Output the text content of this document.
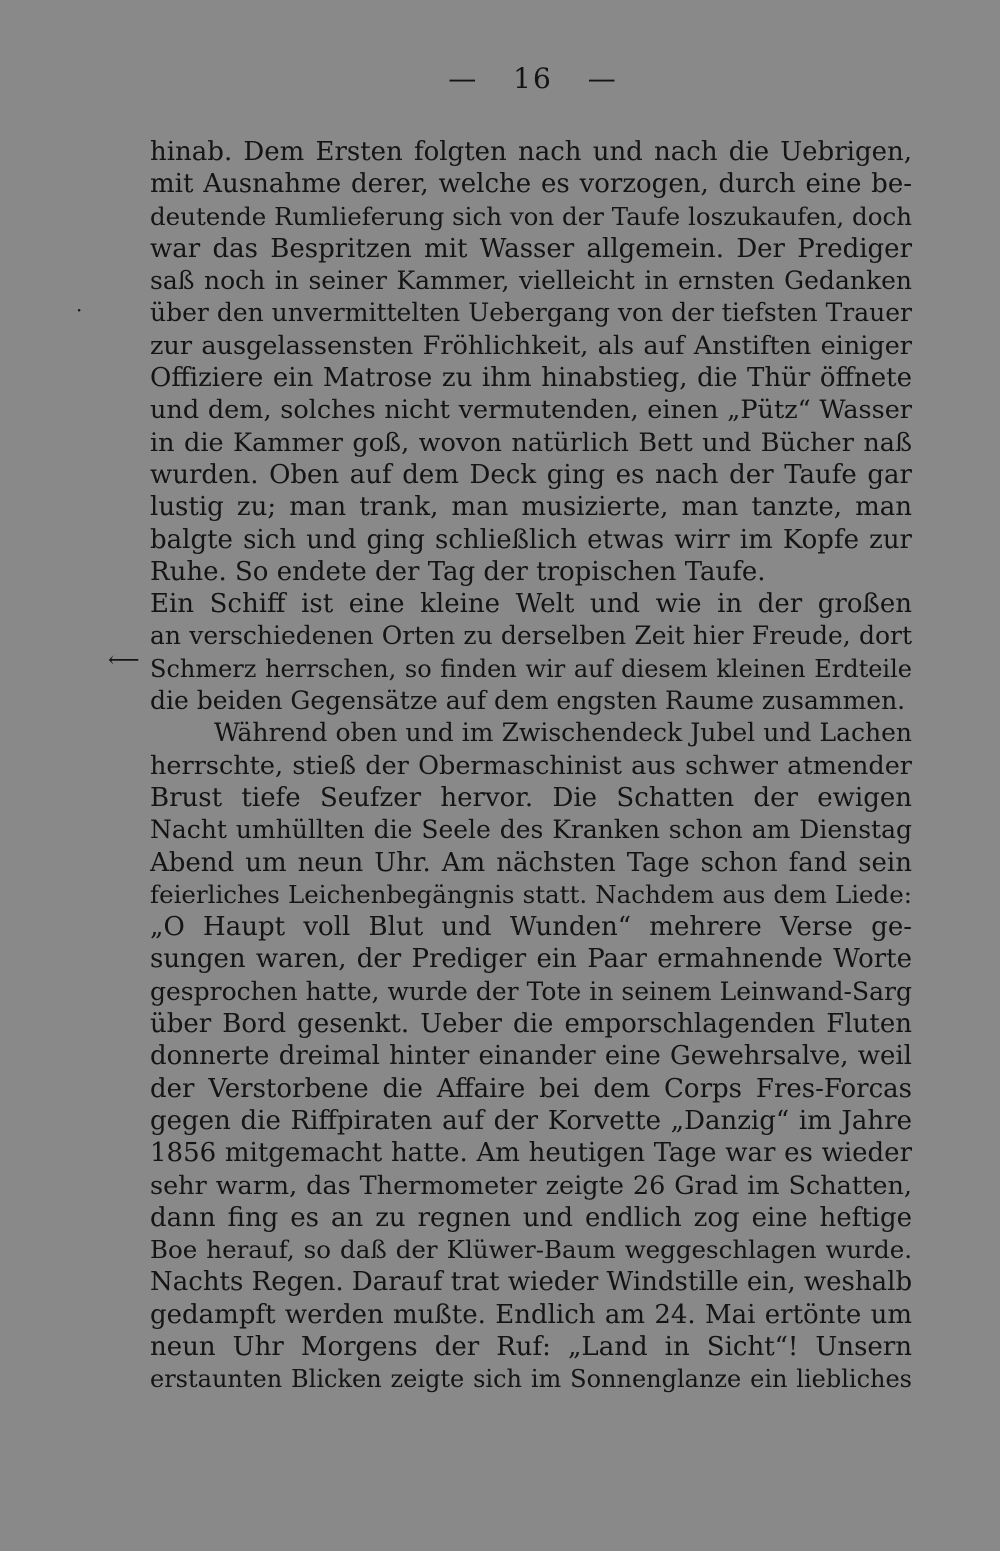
— 16 —
·
⟵
hinab. Dem Ersten folgten nach und nach die Uebrigen,
mit Ausnahme derer, welche es vorzogen, durch eine be-
deutende Rumlieferung sich von der Taufe loszukaufen, doch
war das Bespritzen mit Wasser allgemein. Der Prediger
saß noch in seiner Kammer, vielleicht in ernsten Gedanken
über den unvermittelten Uebergang von der tiefsten Trauer
zur ausgelassensten Fröhlichkeit, als auf Anstiften einiger
Offiziere ein Matrose zu ihm hinabstieg, die Thür öffnete
und dem, solches nicht vermutenden, einen „Pütz“ Wasser
in die Kammer goß, wovon natürlich Bett und Bücher naß
wurden. Oben auf dem Deck ging es nach der Taufe gar
lustig zu; man trank, man musizierte, man tanzte, man
balgte sich und ging schließlich etwas wirr im Kopfe zur
Ruhe. So endete der Tag der tropischen Taufe.
Ein Schiff ist eine kleine Welt und wie in der großen
an verschiedenen Orten zu derselben Zeit hier Freude, dort
Schmerz herrschen, so finden wir auf diesem kleinen Erdteile
die beiden Gegensätze auf dem engsten Raume zusammen.
Während oben und im Zwischendeck Jubel und Lachen
herrschte, stieß der Obermaschinist aus schwer atmender
Brust tiefe Seufzer hervor. Die Schatten der ewigen
Nacht umhüllten die Seele des Kranken schon am Dienstag
Abend um neun Uhr. Am nächsten Tage schon fand sein
feierliches Leichenbegängnis statt. Nachdem aus dem Liede:
„O Haupt voll Blut und Wunden“ mehrere Verse ge-
sungen waren, der Prediger ein Paar ermahnende Worte
gesprochen hatte, wurde der Tote in seinem Leinwand-Sarg
über Bord gesenkt. Ueber die emporschlagenden Fluten
donnerte dreimal hinter einander eine Gewehrsalve, weil
der Verstorbene die Affaire bei dem Corps Fres-Forcas
gegen die Riffpiraten auf der Korvette „Danzig“ im Jahre
1856 mitgemacht hatte. Am heutigen Tage war es wieder
sehr warm, das Thermometer zeigte 26 Grad im Schatten,
dann fing es an zu regnen und endlich zog eine heftige
Boe herauf, so daß der Klüwer-Baum weggeschlagen wurde.
Nachts Regen. Darauf trat wieder Windstille ein, weshalb
gedampft werden mußte. Endlich am 24. Mai ertönte um
neun Uhr Morgens der Ruf: „Land in Sicht“! Unsern
erstaunten Blicken zeigte sich im Sonnenglanze ein liebliches
